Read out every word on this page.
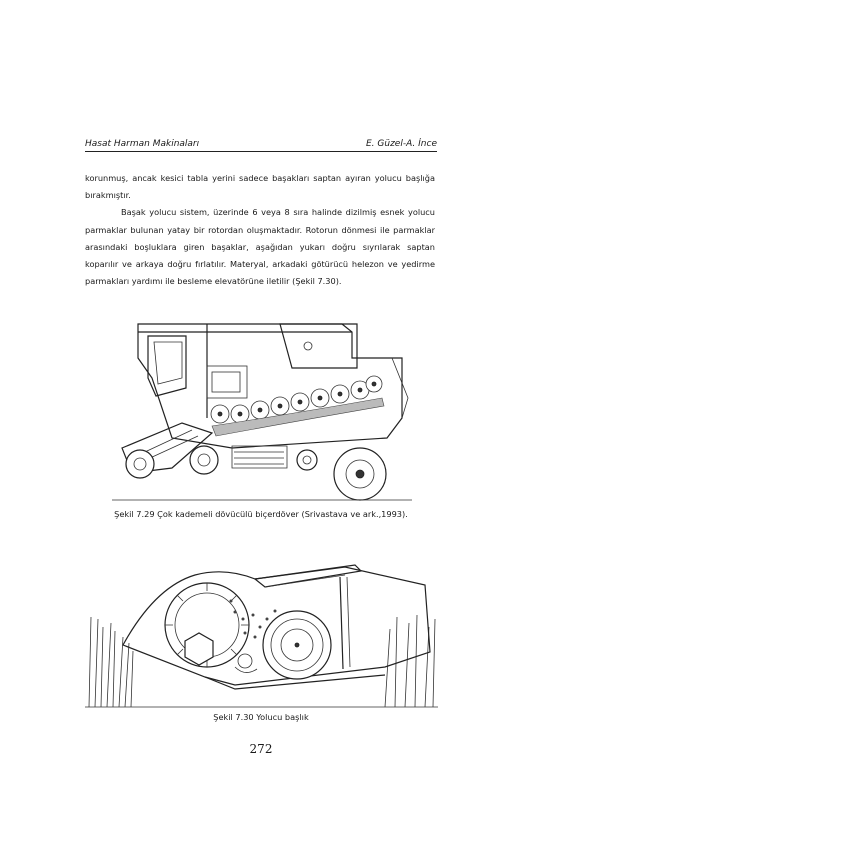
Hasat Harman Makinaları	E. Güzel-A. İnce

korunmuş, ancak kesici tabla yerini sadece başakları saptan ayıran yolucu başlığa bırakmıştır.

Başak yolucu sistem, üzerinde 6 veya 8 sıra halinde dizilmiş esnek yolucu parmaklar bulunan yatay bir rotordan oluşmaktadır. Rotorun dönmesi ile parmaklar arasındaki boşluklara giren başaklar, aşağıdan yukarı doğru sıyrılarak saptan koparılır ve arkaya doğru fırlatılır. Materyal, arkadaki götürücü helezon ve yedirme parmakları yardımı ile besleme elevatörüne iletilir (Şekil 7.30).

Şekil 7.29 Çok kademeli dövücülü biçerdöver (Srivastava ve ark.,1993).
Şekil 7.30 Yolucu başlık
272
